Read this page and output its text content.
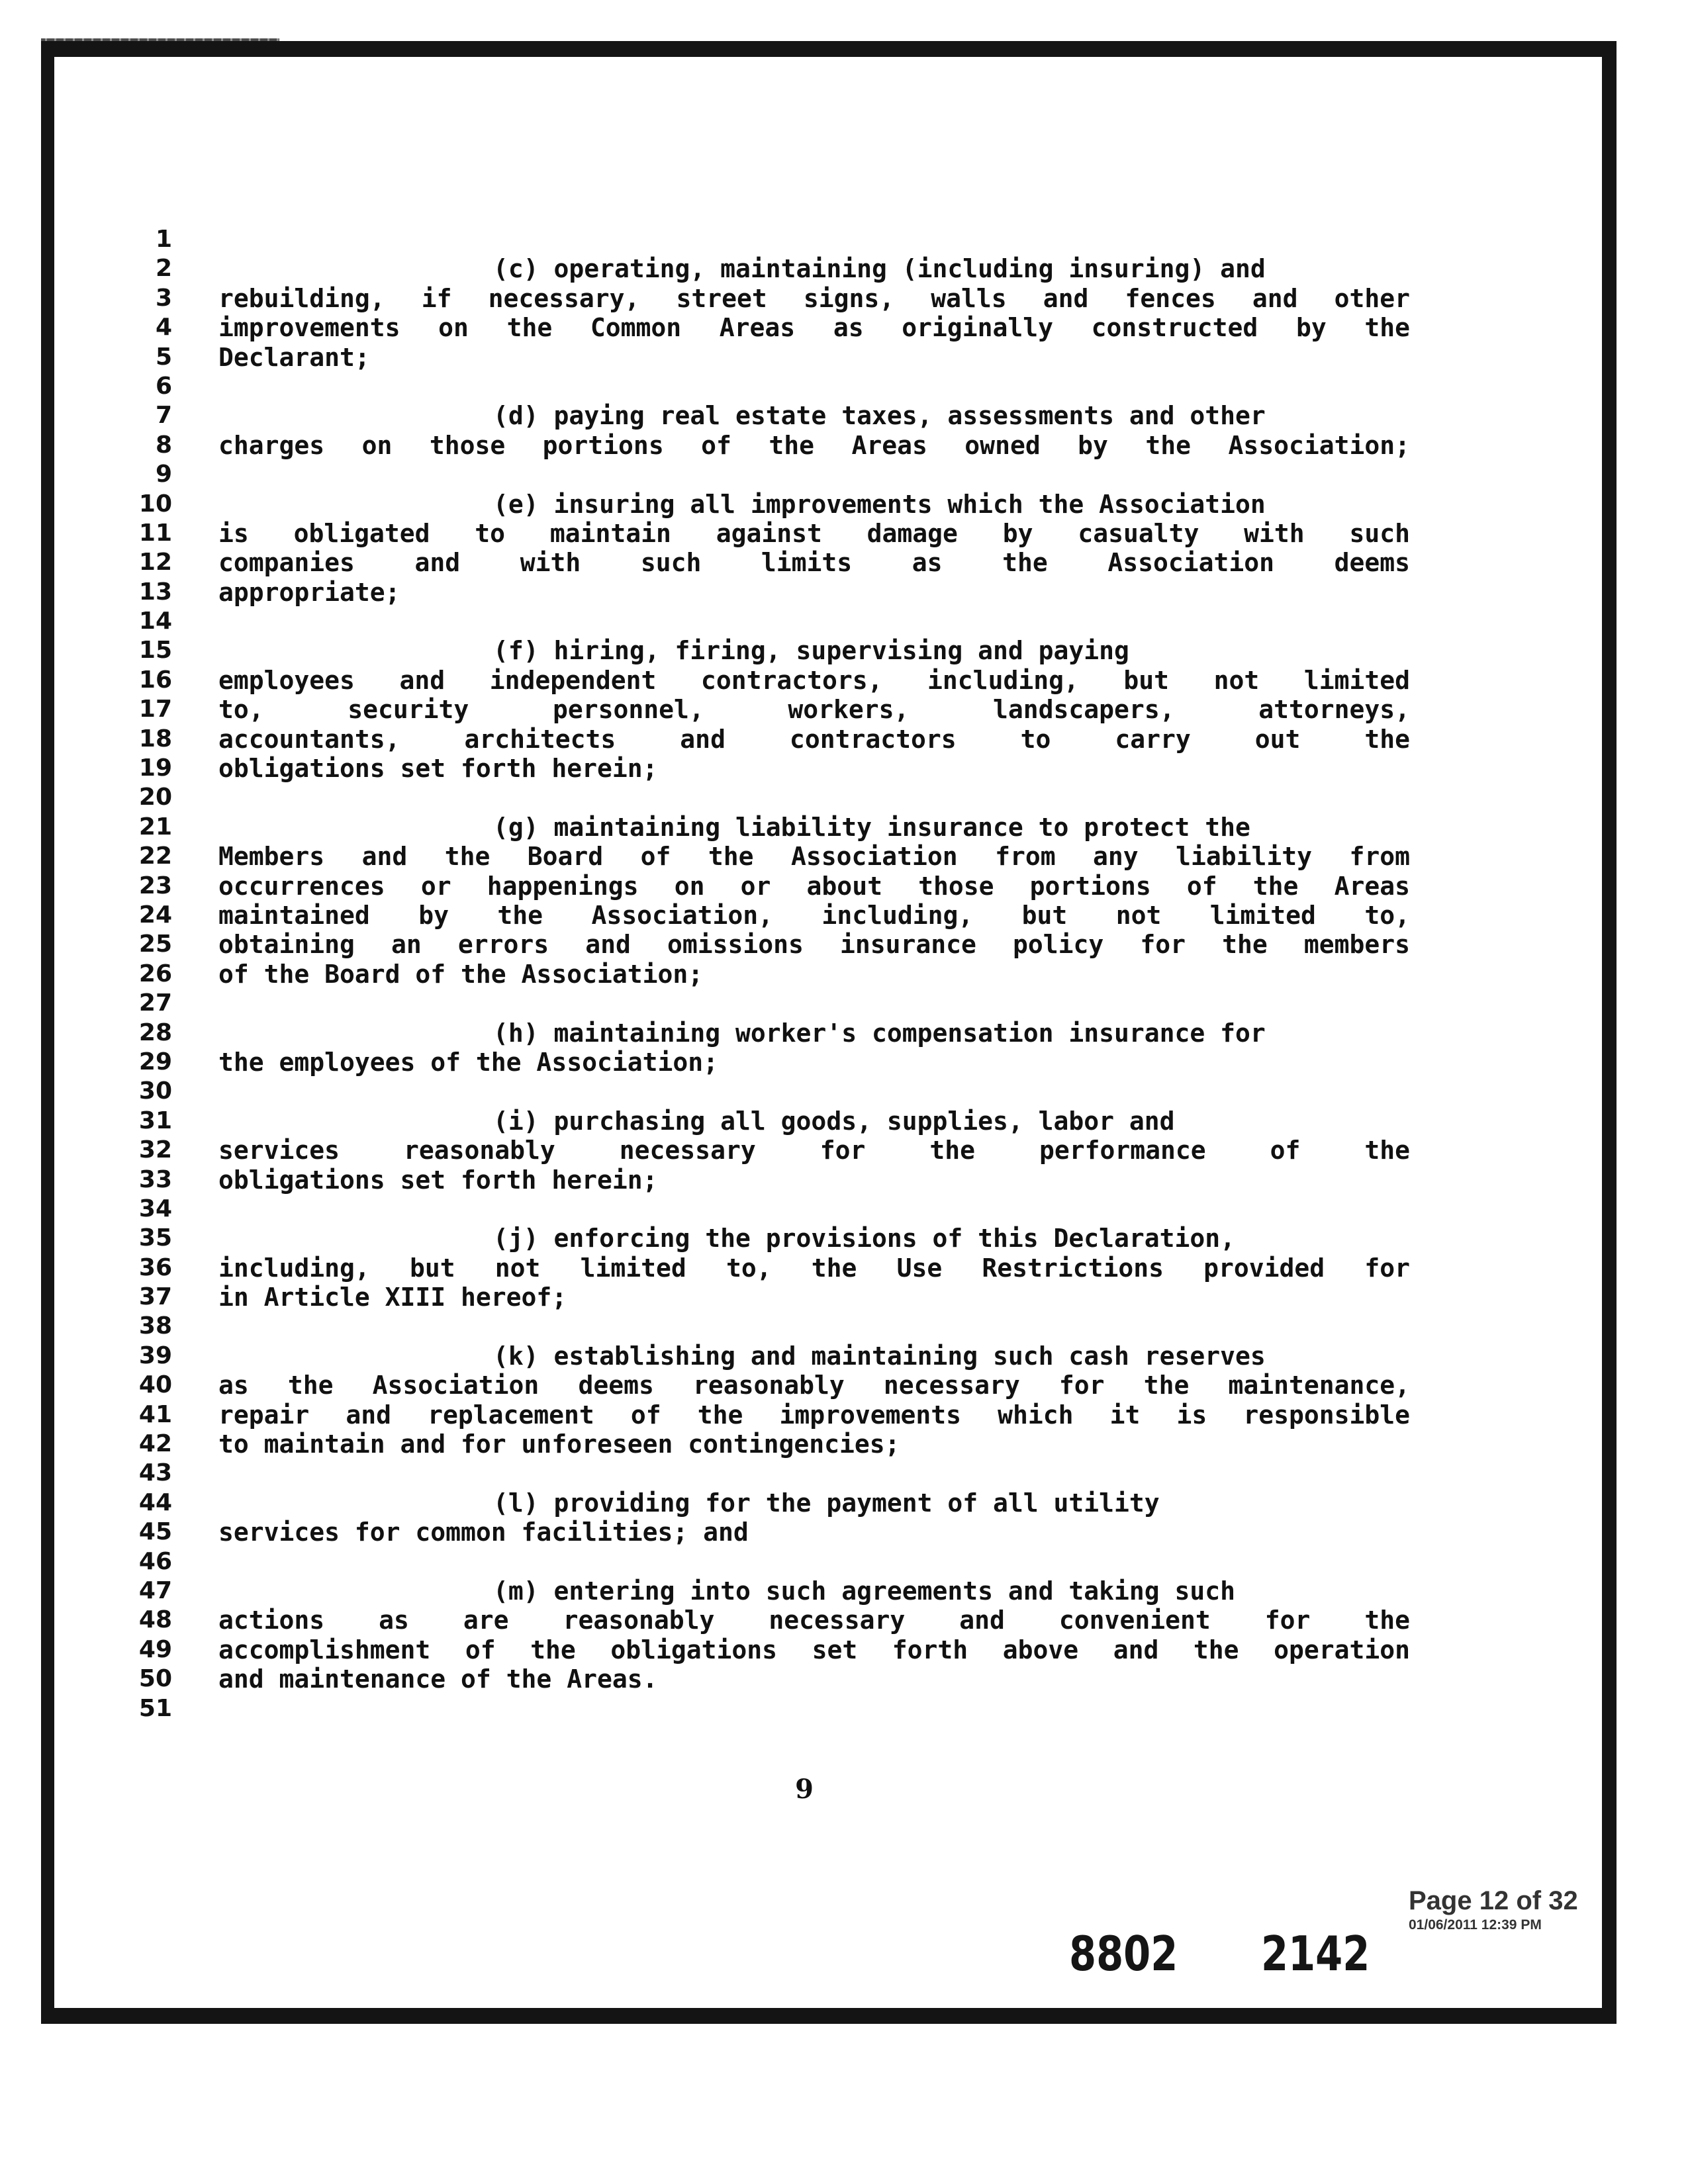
1
2
3
4
5
6
7
8
9
10
11
12
13
14
15
16
17
18
19
20
21
22
23
24
25
26
27
28
29
30
31
32
33
34
35
36
37
38
39
40
41
42
43
44
45
46
47
48
49
50
51
(c) operating, maintaining (including insuring) and
rebuilding, if necessary, street signs, walls and fences and other
improvements on the Common Areas as originally constructed by the
Declarant;
(d) paying real estate taxes, assessments and other
charges on those portions of the Areas owned by the Association;
(e) insuring all improvements which the Association
is obligated to maintain against damage by casualty with such
companies and with such limits as the Association deems
appropriate;
(f) hiring, firing, supervising and paying
employees and independent contractors, including, but not limited
to, security personnel, workers, landscapers, attorneys,
accountants, architects and contractors to carry out the
obligations set forth herein;
(g) maintaining liability insurance to protect the
Members and the Board of the Association from any liability from
occurrences or happenings on or about those portions of the Areas
maintained by the Association, including, but not limited to,
obtaining an errors and omissions insurance policy for the members
of the Board of the Association;
(h) maintaining worker's compensation insurance for
the employees of the Association;
(i) purchasing all goods, supplies, labor and
services reasonably necessary for the performance of the
obligations set forth herein;
(j) enforcing the provisions of this Declaration,
including, but not limited to, the Use Restrictions provided for
in Article XIII hereof;
(k) establishing and maintaining such cash reserves
as the Association deems reasonably necessary for the maintenance,
repair and replacement of the improvements which it is responsible
to maintain and for unforeseen contingencies;
(l) providing for the payment of all utility
services for common facilities; and
(m) entering into such agreements and taking such
actions as are reasonably necessary and convenient for the
accomplishment of the obligations set forth above and the operation
and maintenance of the Areas.
9
Page 12 of 32
01/06/2011 12:39 PM
8802 2142
